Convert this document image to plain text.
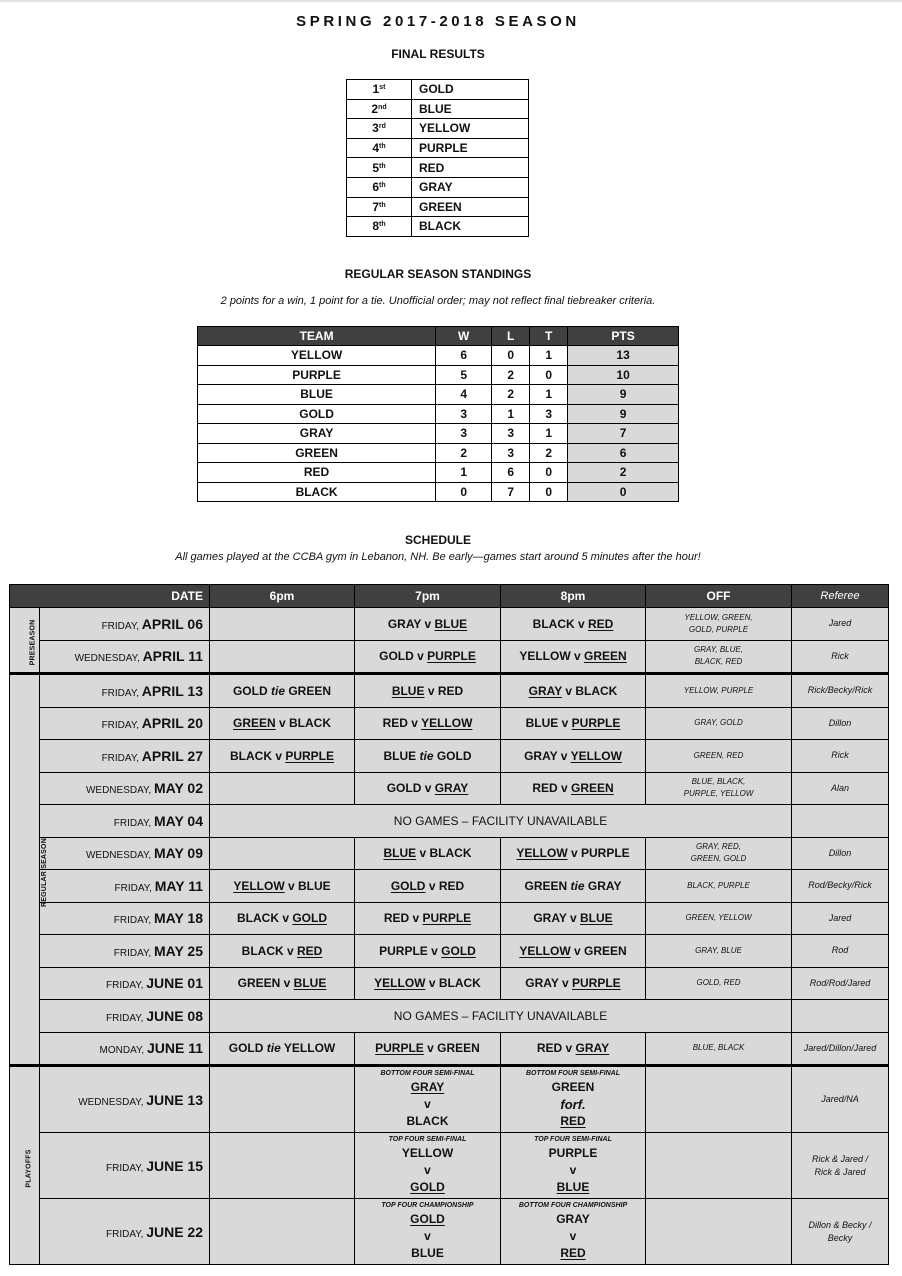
SPRING 2017-2018 SEASON
FINAL RESULTS
1st	GOLD
2nd	BLUE
3rd	YELLOW
4th	PURPLE
5th	RED
6th	GRAY
7th	GREEN
8th	BLACK
REGULAR SEASON STANDINGS
2 points for a win, 1 point for a tie. Unofficial order; may not reflect final tiebreaker criteria.
TEAM	W	L	T	PTS
YELLOW	6	0	1	13
PURPLE	5	2	0	10
BLUE	4	2	1	9
GOLD	3	1	3	9
GRAY	3	3	1	7
GREEN	2	3	2	6
RED	1	6	0	2
BLACK	0	7	0	0
SCHEDULE
All games played at the CCBA gym in Lebanon, NH. Be early—games start around 5 minutes after the hour!
DATE		6pm	7pm	8pm	OFF	Referee
PRESEASON	FRIDAY, APRIL 06		GRAY v BLUE	BLACK v RED	YELLOW, GREEN,
GOLD, PURPLE	Jared
	WEDNESDAY, APRIL 11		GOLD v PURPLE	YELLOW v GREEN	GRAY, BLUE,
BLACK, RED	Rick
REGULAR SEASON	FRIDAY, APRIL 13	GOLD tie GREEN	BLUE v RED	GRAY v BLACK	YELLOW, PURPLE	Rick/Becky/Rick
	FRIDAY, APRIL 20	GREEN v BLACK	RED v YELLOW	BLUE v PURPLE	GRAY, GOLD	Dillon
	FRIDAY, APRIL 27	BLACK v PURPLE	BLUE tie GOLD	GRAY v YELLOW	GREEN, RED	Rick
	WEDNESDAY, MAY 02		GOLD v GRAY	RED v GREEN	BLUE, BLACK,
PURPLE, YELLOW	Alan
	FRIDAY, MAY 04	NO GAMES – FACILITY UNAVAILABLE				
	WEDNESDAY, MAY 09		BLUE v BLACK	YELLOW v PURPLE	GRAY, RED,
GREEN, GOLD	Dillon
	FRIDAY, MAY 11	YELLOW v BLUE	GOLD v RED	GREEN tie GRAY	BLACK, PURPLE	Rod/Becky/Rick
	FRIDAY, MAY 18	BLACK v GOLD	RED v PURPLE	GRAY v BLUE	GREEN, YELLOW	Jared
	FRIDAY, MAY 25	BLACK v RED	PURPLE v GOLD	YELLOW v GREEN	GRAY, BLUE	Rod
	FRIDAY, JUNE 01	GREEN v BLUE	YELLOW v BLACK	GRAY v PURPLE	GOLD, RED	Rod/Rod/Jared
	FRIDAY, JUNE 08	NO GAMES – FACILITY UNAVAILABLE				
	MONDAY, JUNE 11	GOLD tie YELLOW	PURPLE v GREEN	RED v GRAY	BLUE, BLACK	Jared/Dillon/Jared
PLAYOFFS	WEDNESDAY, JUNE 13		BOTTOM FOUR SEMI-FINAL
GRAY
v
BLACK	BOTTOM FOUR SEMI-FINAL
GREEN
forf.
RED		Jared/NA
	FRIDAY, JUNE 15		TOP FOUR SEMI-FINAL
YELLOW
v
GOLD	TOP FOUR SEMI-FINAL
PURPLE
v
BLUE		Rick & Jared /
Rick & Jared
	FRIDAY, JUNE 22		TOP FOUR CHAMPIONSHIP
GOLD
v
BLUE	BOTTOM FOUR CHAMPIONSHIP
GRAY
v
RED		Dillon & Becky /
Becky
